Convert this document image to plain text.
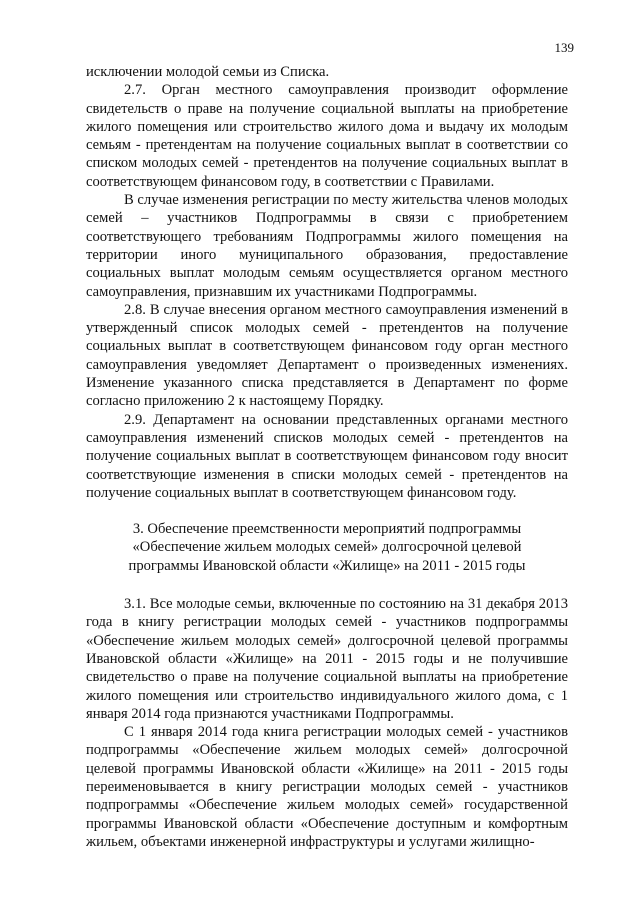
139

исключении молодой семьи из Списка.

2.7. Орган местного самоуправления производит оформление свидетельств о праве на получение социальной выплаты на приобретение жилого помещения или строительство жилого дома и выдачу их молодым семьям - претендентам на получение социальных выплат в соответствии со списком молодых семей - претендентов на получение социальных выплат в соответствующем финансовом году, в соответствии с Правилами.

В случае изменения регистрации по месту жительства членов молодых семей – участников Подпрограммы в связи с приобретением соответствующего требованиям Подпрограммы жилого помещения на территории иного муниципального образования, предоставление социальных выплат молодым семьям осуществляется органом местного самоуправления, признавшим их участниками Подпрограммы.

2.8. В случае внесения органом местного самоуправления изменений в утвержденный список молодых семей - претендентов на получение социальных выплат в соответствующем финансовом году орган местного самоуправления уведомляет Департамент о произведенных изменениях. Изменение указанного списка представляется в Департамент по форме согласно приложению 2 к настоящему Порядку.

2.9. Департамент на основании представленных органами местного самоуправления изменений списков молодых семей - претендентов на получение социальных выплат в соответствующем финансовом году вносит соответствующие изменения в списки молодых семей - претендентов на получение социальных выплат в соответствующем финансовом году.

3. Обеспечение преемственности мероприятий подпрограммы
«Обеспечение жильем молодых семей» долгосрочной целевой
программы Ивановской области «Жилище» на 2011 - 2015 годы

3.1. Все молодые семьи, включенные по состоянию на 31 декабря 2013 года в книгу регистрации молодых семей - участников подпрограммы «Обеспечение жильем молодых семей» долгосрочной целевой программы Ивановской области «Жилище» на 2011 - 2015 годы и не получившие свидетельство о праве на получение социальной выплаты на приобретение жилого помещения или строительство индивидуального жилого дома, с 1 января 2014 года признаются участниками Подпрограммы.

С 1 января 2014 года книга регистрации молодых семей - участников подпрограммы «Обеспечение жильем молодых семей» долгосрочной целевой программы Ивановской области «Жилище» на 2011 - 2015 годы переименовывается в книгу регистрации молодых семей - участников подпрограммы «Обеспечение жильем молодых семей» государственной программы Ивановской области «Обеспечение доступным и комфортным жильем, объектами инженерной инфраструктуры и услугами жилищно-
